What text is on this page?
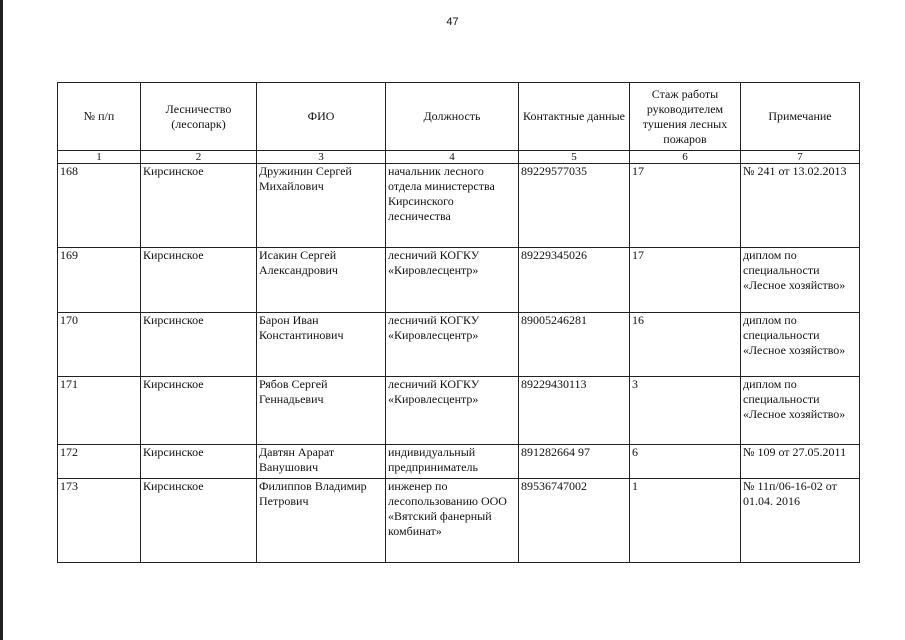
47
№ п/п	Лесничество (лесопарк)	ФИО	Должность	Контактные данные	Стаж работы руководителем тушения лесных пожаров	Примечание
1	2	3	4	5	6	7
168	Кирсинское	Дружинин Сергей Михайлович	начальник лесного отдела министерства Кирсинского лесничества	89229577035	17	№ 241 от 13.02.2013
169	Кирсинское	Исакин Сергей Александрович	лесничий КОГКУ «Кировлесцентр»	89229345026	17	диплом по специальности «Лесное хозяйство»
170	Кирсинское	Барон Иван Константинович	лесничий КОГКУ «Кировлесцентр»	89005246281	16	диплом по специальности «Лесное хозяйство»
171	Кирсинское	Рябов Сергей Геннадьевич	лесничий КОГКУ «Кировлесцентр»	89229430113	3	диплом по специальности «Лесное хозяйство»
172	Кирсинское	Давтян Арарат Ванушович	индивидуальный предприниматель	891282664 97	6	№ 109 от 27.05.2011
173	Кирсинское	Филиппов Владимир Петрович	инженер по лесопользованию ООО «Вятский фанерный комбинат»	89536747002	1	№ 11п/06-16-02 от 01.04. 2016
